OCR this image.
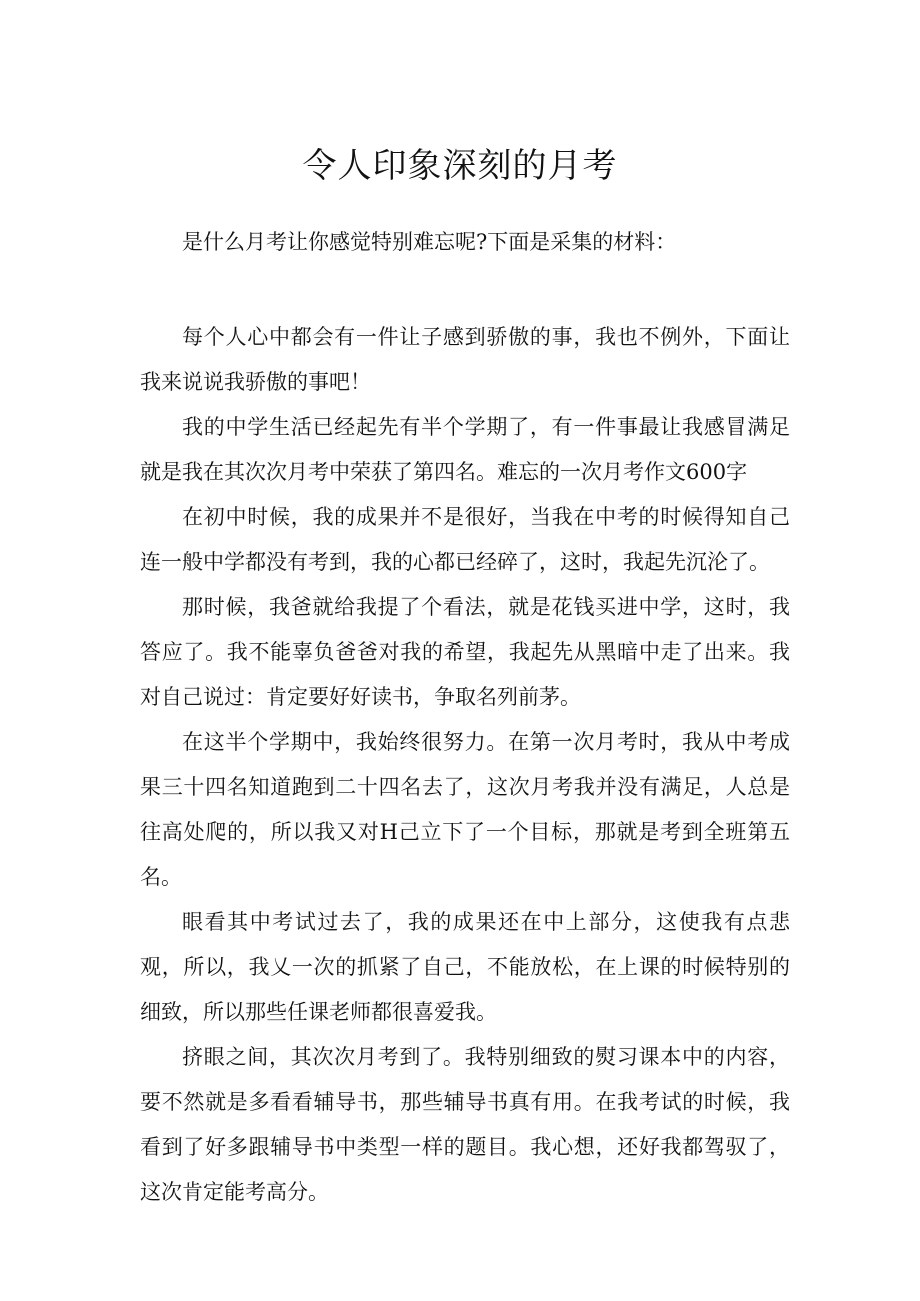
令人印象深刻的月考

是什么月考让你感觉特别难忘呢?下面是采集的材料：

每个人心中都会有一件让子感到骄傲的事，我也不例外，下面让我来说说我骄傲的事吧！

我的中学生活已经起先有半个学期了，有一件事最让我感冒满足就是我在其次次月考中荣获了第四名。难忘的一次月考作文600字

在初中时候，我的成果并不是很好，当我在中考的时候得知自己连一般中学都没有考到，我的心都已经碎了，这时，我起先沉沦了。

那时候，我爸就给我提了个看法，就是花钱买进中学，这时，我答应了。我不能辜负爸爸对我的希望，我起先从黑暗中走了出来。我对自己说过：肯定要好好读书，争取名列前茅。

在这半个学期中，我始终很努力。在第一次月考时，我从中考成果三十四名知道跑到二十四名去了，这次月考我并没有满足，人总是往高处爬的，所以我又对H己立下了一个目标，那就是考到全班第五名。

眼看其中考试过去了，我的成果还在中上部分，这使我有点悲观，所以，我乂一次的抓紧了自己，不能放松，在上课的时候特别的细致，所以那些任课老师都很喜爱我。

挤眼之间，其次次月考到了。我特别细致的熨习课本中的内容，要不然就是多看看辅导书，那些辅导书真有用。在我考试的时候，我看到了好多跟辅导书中类型一样的题目。我心想，还好我都驾驭了，这次肯定能考高分。
